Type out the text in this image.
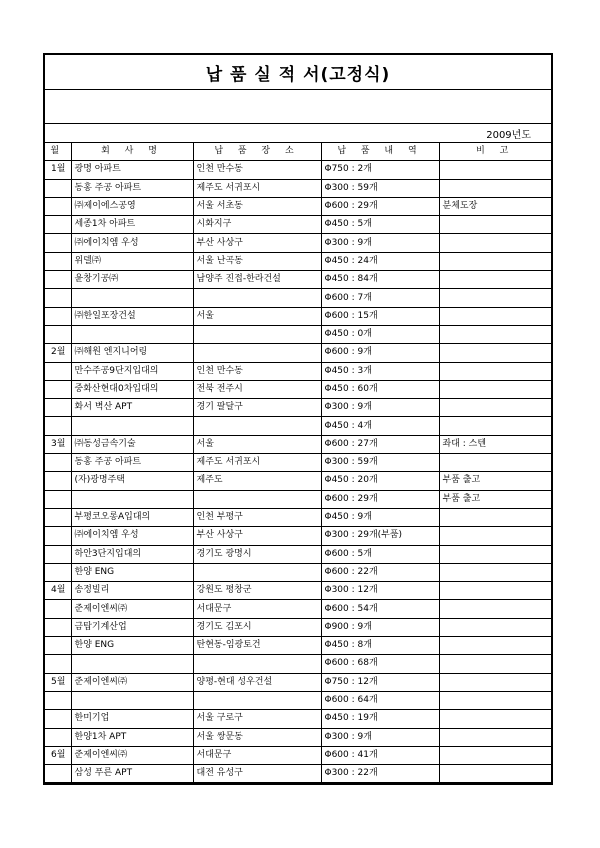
납 품 실 적 서(고정식)
2009년도
월	회 사 명	납 품 장 소	납 품 내 역	비 고
1월	광명 아파트	인천 만수동	Φ750 : 2개	
	동홍 주공 아파트	제주도 서귀포시	Φ300 : 59개	
	㈜제이에스공영	서울 서초동	Φ600 : 29개	분체도장
	세종1차 아파트	시화지구	Φ450 : 5개	
	㈜에이치엠 우성	부산 사상구	Φ300 : 9개	
	위델㈜	서울 난곡동	Φ450 : 24개	
	윤창기공㈜	남양주 진접-한라건설	Φ450 : 84개	
			Φ600 : 7개	
	㈜한일포장건설	서울	Φ600 : 15개	
			Φ450 : 0개	
2월	㈜해원 엔지니어링		Φ600 : 9개	
	만수주공9단지입대의	인천 만수동	Φ450 : 3개	
	중화산현대0차입대의	전북 전주시	Φ450 : 60개	
	화서 벽산 APT	경기 팔달구	Φ300 : 9개	
			Φ450 : 4개	
3월	㈜동성금속기술	서울	Φ600 : 27개	좌대 : 스텐
	동홍 주공 아파트	제주도 서귀포시	Φ300 : 59개	
	(자)광명주택	제주도	Φ450 : 20개	부품 출고
			Φ600 : 29개	부품 출고
	부평코오롱A입대의	인천 부평구	Φ450 : 9개	
	㈜에이치엠 우성	부산 사상구	Φ300 : 29개(부품)	
	하안3단지입대의	경기도 광명시	Φ600 : 5개	
	한양 ENG		Φ600 : 22개	
4월	송정빌리	강원도 평창군	Φ300 : 12개	
	준제이엔씨㈜	서대문구	Φ600 : 54개	
	금탑기계산업	경기도 김포시	Φ900 : 9개	
	한양 ENG	탄현동-임광토건	Φ450 : 8개	
			Φ600 : 68개	
5월	준제이엔씨㈜	양평-현대 성우건설	Φ750 : 12개	
			Φ600 : 64개	
	한미기업	서울 구로구	Φ450 : 19개	
	한양1차 APT	서울 쌍문동	Φ300 : 9개	
6월	준제이엔씨㈜	서대문구	Φ600 : 41개	
	삼성 푸른 APT	대전 유성구	Φ300 : 22개	
